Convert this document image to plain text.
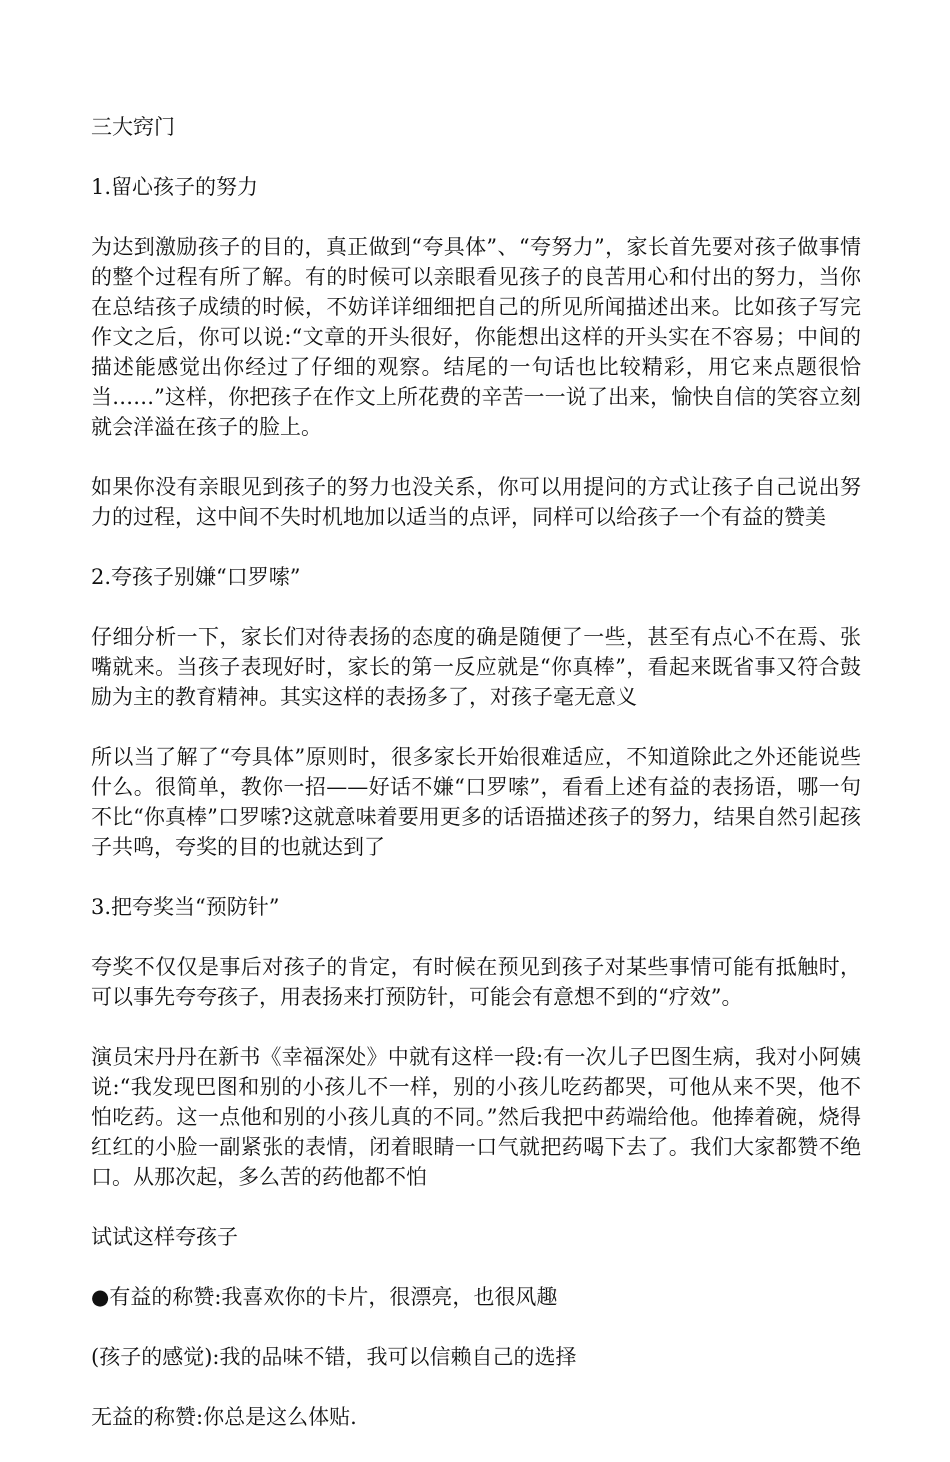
三大窍门

1.留心孩子的努力

为达到激励孩子的目的，真正做到“夸具体”、“夸努力”，家长首先要对孩子做事情的整个过程有所了解。有的时候可以亲眼看见孩子的良苦用心和付出的努力，当你在总结孩子成绩的时候，不妨详详细细把自己的所见所闻描述出来。比如孩子写完作文之后，你可以说:“文章的开头很好，你能想出这样的开头实在不容易；中间的描述能感觉出你经过了仔细的观察。结尾的一句话也比较精彩，用它来点题很恰当……”这样，你把孩子在作文上所花费的辛苦一一说了出来，愉快自信的笑容立刻就会洋溢在孩子的脸上。

如果你没有亲眼见到孩子的努力也没关系，你可以用提问的方式让孩子自己说出努力的过程，这中间不失时机地加以适当的点评，同样可以给孩子一个有益的赞美

2.夸孩子别嫌“口罗嗦”

仔细分析一下，家长们对待表扬的态度的确是随便了一些，甚至有点心不在焉、张嘴就来。当孩子表现好时，家长的第一反应就是“你真棒”，看起来既省事又符合鼓励为主的教育精神。其实这样的表扬多了，对孩子毫无意义

所以当了解了“夸具体”原则时，很多家长开始很难适应，不知道除此之外还能说些什么。很简单，教你一招——好话不嫌“口罗嗦”，看看上述有益的表扬语，哪一句不比“你真棒”口罗嗦?这就意味着要用更多的话语描述孩子的努力，结果自然引起孩子共鸣，夸奖的目的也就达到了

3.把夸奖当“预防针”

夸奖不仅仅是事后对孩子的肯定，有时候在预见到孩子对某些事情可能有抵触时，可以事先夸夸孩子，用表扬来打预防针，可能会有意想不到的“疗效”。

演员宋丹丹在新书《幸福深处》中就有这样一段:有一次儿子巴图生病，我对小阿姨说:“我发现巴图和别的小孩儿不一样，别的小孩儿吃药都哭，可他从来不哭，他不怕吃药。这一点他和别的小孩儿真的不同。”然后我把中药端给他。他捧着碗，烧得红红的小脸一副紧张的表情，闭着眼睛一口气就把药喝下去了。我们大家都赞不绝口。从那次起，多么苦的药他都不怕

试试这样夸孩子

●有益的称赞:我喜欢你的卡片，很漂亮，也很风趣

(孩子的感觉):我的品味不错，我可以信赖自己的选择

无益的称赞:你总是这么体贴.
